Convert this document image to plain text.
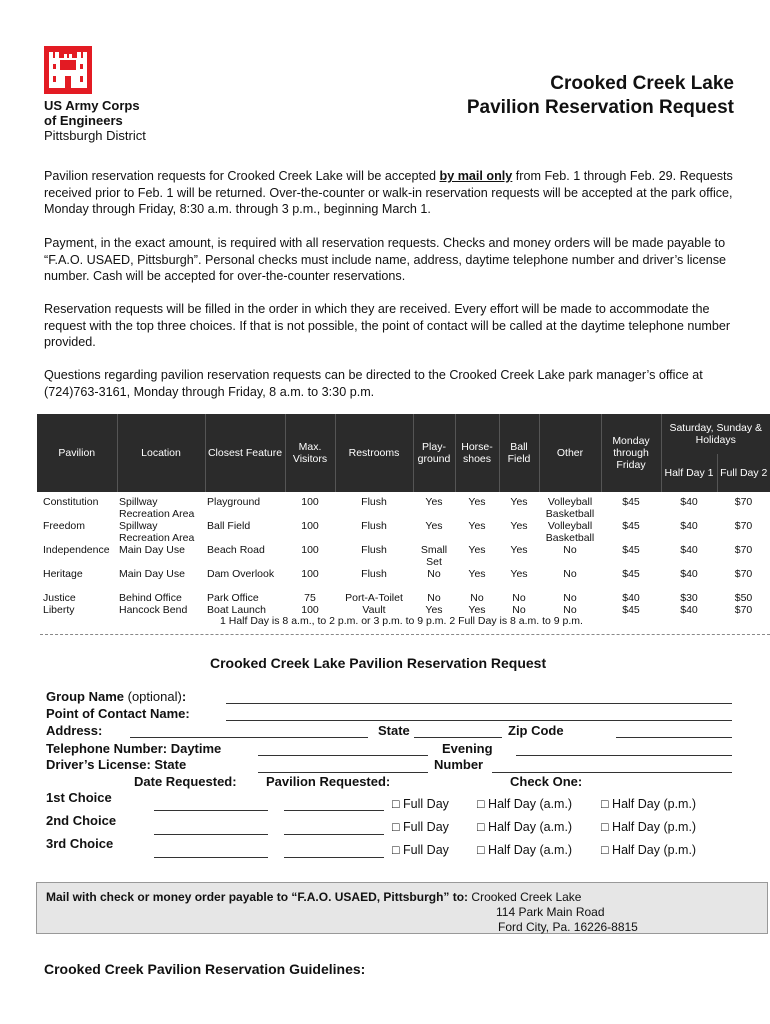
US Army Corps
of Engineers
Pittsburgh District
Crooked Creek Lake
Pavilion Reservation Request
Pavilion reservation requests for Crooked Creek Lake will be accepted by mail only from Feb. 1 through Feb. 29. Requests received prior to Feb. 1 will be returned. Over-the-counter or walk-in reservation requests will be accepted at the park office, Monday through Friday, 8:30 a.m. through 3 p.m., beginning March 1.
Payment, in the exact amount, is required with all reservation requests. Checks and money orders will be made payable to “F.A.O. USAED, Pittsburgh”. Personal checks must include name, address, daytime telephone number and driver’s license number. Cash will be accepted for over-the-counter reservations.
Reservation requests will be filled in the order in which they are received. Every effort will be made to accommodate the request with the top three choices. If that is not possible, the point of contact will be called at the daytime telephone number provided.
Questions regarding pavilion reservation requests can be directed to the Crooked Creek Lake park manager’s office at (724)763-3161, Monday through Friday, 8 a.m. to 3:30 p.m.
Pavilion	Location	Closest Feature	Max. Visitors	Restrooms	Play-ground	Horse-shoes	Ball Field	Other	Monday through Friday	Saturday, Sunday & Holidays	
										Half Day 1	Full Day 2
Constitution	Spillway Recreation Area	Playground	100	Flush	Yes	Yes	Yes	Volleyball Basketball	$45	$40	$70
Freedom	Spillway Recreation Area	Ball Field	100	Flush	Yes	Yes	Yes	Volleyball Basketball	$45	$40	$70
Independence	Main Day Use	Beach Road	100	Flush	Small Set	Yes	Yes	No	$45	$40	$70
Heritage	Main Day Use	Dam Overlook	100	Flush	No	Yes	Yes	No	$45	$40	$70
Justice	Behind Office	Park Office	75	Port-A-Toilet	No	No	No	No	$40	$30	$50
Liberty	Hancock Bend	Boat Launch	100	Vault	Yes	Yes	No	No	$45	$40	$70
1 Half Day is 8 a.m., to 2 p.m. or 3 p.m. to 9 p.m. 2 Full Day is 8 a.m. to 9 p.m.
Crooked Creek Lake Pavilion Reservation Request
Group Name (optional):
Point of Contact Name:
Address:	State	Zip Code
Telephone Number: Daytime	Evening
Driver’s License: State	Number
Date Requested: Pavilion Requested:	Check One:
1st Choice	□ Full Day □ Half Day (a.m.) □ Half Day (p.m.)
2nd Choice	□ Full Day □ Half Day (a.m.) □ Half Day (p.m.)
3rd Choice	□ Full Day □ Half Day (a.m.) □ Half Day (p.m.)
Mail with check or money order payable to “F.A.O. USAED, Pittsburgh” to: Crooked Creek Lake
114 Park Main Road
Ford City, Pa. 16226-8815
Crooked Creek Pavilion Reservation Guidelines:
